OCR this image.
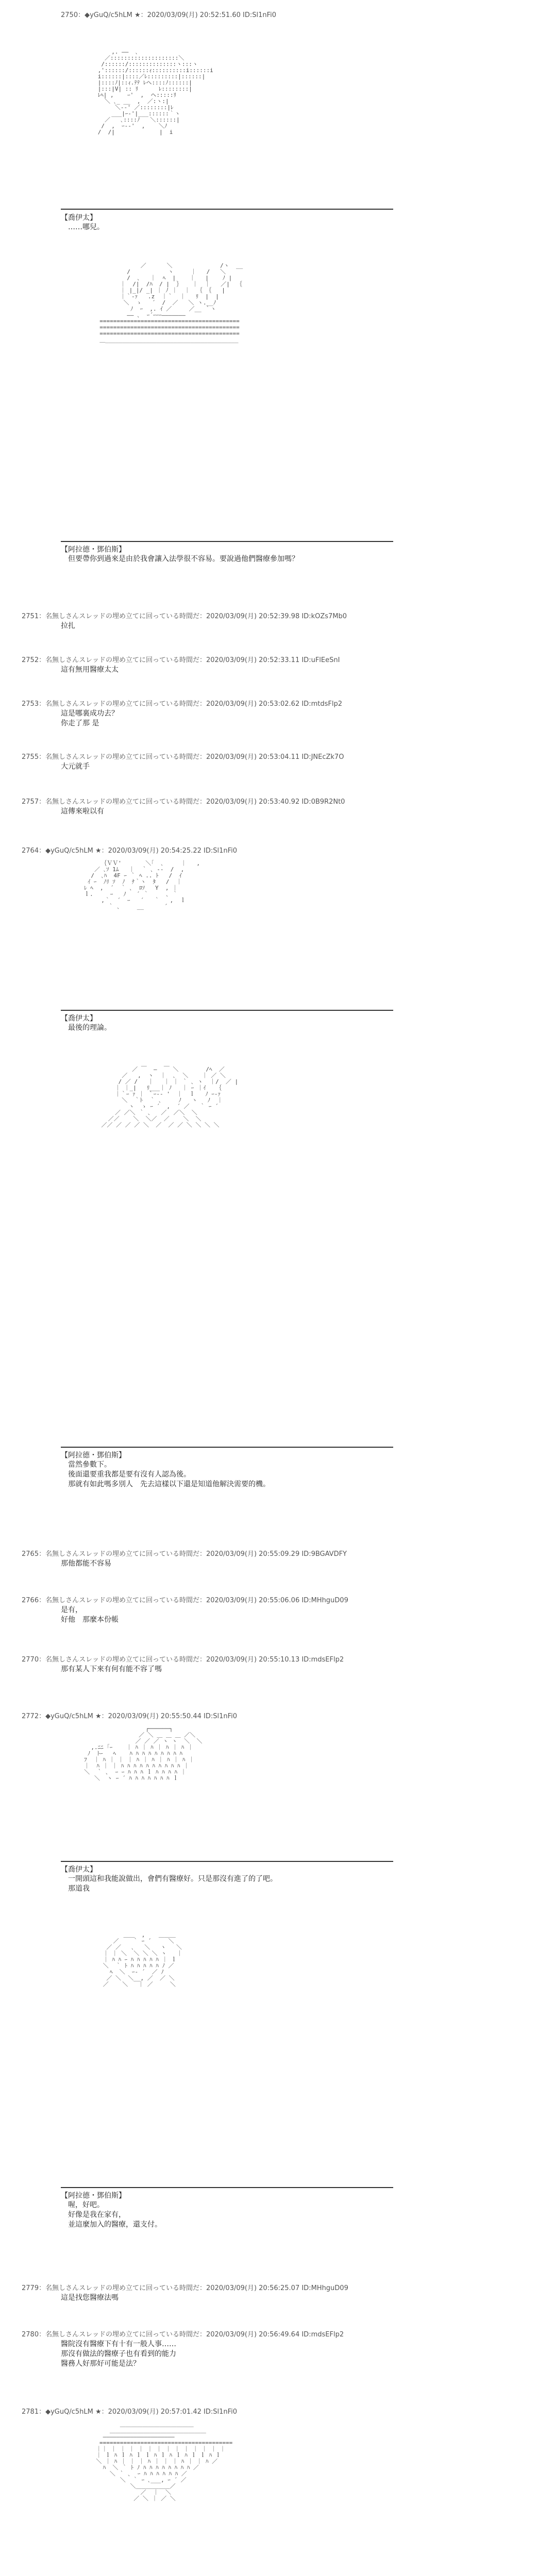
2750：◆yGuQ/c5hLM ★：2020/03/09(月) 20:52:51.60 ID:Sl1nFi0
,. ――  ､
／::::::::::::::::::::＼
/::::::/::::::::::::::ヽ:::ヽ
,'::::::/::::::ｨ::::::::::i::::::i
i::::::|::::／ﾚ:::::::::|::::::|
|::::ﾉ|::ｨ.ﾃﾃ ﾚヘ::::ﾉ::::::|
|:::|V| :: ﾘ      ﾚ::::::::|
ﾚﾍ| ,    ｰ'  ,  ヘ:::::ﾘ
＼ ､_ __  ,  ／:ヽ:|
＼-‐' ／::::::::|ﾚ
___|ｰ‐'|___::::::｀ヽ
／   ､::::ﾉ   ＼::::::|
/  ,  ｰ-‐'  ,    ＼ﾉ
/  /|             |  i
【喬伊太】
　……哪兒。
／      ＼              /ヽ  __
/           ヽ     ｜   /   ＼
/  ､   ｜  ﾍ  |    ｜   |    ﾉ |
｜  /|  /ﾊ  / |  ｝   ｜  ｜   ／|  ｛
｜ |_|/ _| ｜ ﾉ ｜  ｜  ｛ ｛   |
｜｀‐ｧ   .z  ｜｀  ｜   ﾘ  |  |
＼  ゝ   ´  /  ／   ＼ ヽ.__ﾉ
ﾉ  ｰ  ,. ｲ ／     ／__ ｀ヽ
―― ､  ｰ´ｰｰｰ―――――――
=========================================
=========================================
=========================================
＿_______________________________________
【阿拉德・鄧伯斯】
　但要帶你到過來是由於我會讓入法學很不容易。要說過他們醫療參加嗎？
2751：名無しさんスレッドの埋め立てに回っている時間だ：2020/03/09(月) 20:52:39.98 ID:kOZs7Mb0
拉扎
2752：名無しさんスレッドの埋め立てに回っている時間だ：2020/03/09(月) 20:52:33.11 ID:uFlEeSnI
這有無用醫療太太
2753：名無しさんスレッドの埋め立てに回っている時間だ：2020/03/09(月) 20:53:02.62 ID:mtdsFlp2
這是哪裏成功去？
你走了那 是
2755：名無しさんスレッドの埋め立てに回っている時間だ：2020/03/09(月) 20:53:04.11 ID:JNEcZk7O
大元就手
2757：名無しさんスレッドの埋め立てに回っている時間だ：2020/03/09(月) 20:53:40.92 ID:0B9R2Nt0
這傳來啦以有
2764：◆yGuQ/c5hLM ★：2020/03/09(月) 20:54:25.22 ID:Sl1nFi0
｛ＶＶ'       ＼｢  ､     ｜   ,
／ ､ｿ 1ﾑ   ｜  ｀ ､ ‐-  /  ,
/  ､ﾊ  4F ｰ ｀ ﾍ .. ﾄ   /  ｲ
ｲ ｰ  ﾉﾘ ｿ  ﾉ  ﾅ｀ヽ  ﾀ   /  ｜
ﾚ ﾍ  ,  ´  ｀ ､  ﾛｿ   Y  , ｜
ｌ.     ｰ   ﾉ   ´ ｀     ､ ｀
,｀  ´  ｰ   ´   ｀   ,  ｌ
｀ ､     __      ´
【喬伊太】
　最後的理論。
／ ￣  ―  ￣ ＼        /ﾍ  ／
／   ,  ヽ  ｜  ､  ＼    ｜ ／ ＼
/ ／ /   ｜   ｜ ｜ ｀ ､ ヽ  ｜/  ／ |
｜ ｜_|   ﾘ___｜ ﾉ   ｜ ｰ ｜ｲ   ｛
｜｀ｰ ｧ ｜ ｀ｰ-‐ '  ｜  ｌ   ﾉ ｰ-ｧ
＼  ｀ﾄ  ｀ ､     ﾉ   ヽ   ﾉ  ｜
ヽ  ゝ ｰ ´  ,  ´ ／   ｀ ｰ ´
／ ／＼ ｀ ､   ／  ／＼  ＼
／／    ＼  ＼／  ／    ＼  ＼
／／ ／ ／ ／ ＼  ／  ／ ／ ＼ ＼ ＼ ＼
【阿拉德・鄧伯斯】
　當然參數下。
　後面還要重我都是要有沒有人認為後。
　那就有如此嗎多別人　先去這樣以下還是知道他解決需要的機。
2765：名無しさんスレッドの埋め立てに回っている時間だ：2020/03/09(月) 20:55:09.29 ID:9BGAVDFY
那他都能不容易
2766：名無しさんスレッドの埋め立てに回っている時間だ：2020/03/09(月) 20:55:06.06 ID:MHhguD09
是有，
好他　那麼本份帳
2770：名無しさんスレッドの埋め立てに回っている時間だ：2020/03/09(月) 20:55:10.13 ID:mdsEFlp2
那有某人下來有何有能不容了嗎
2772：◆yGuQ/c5hLM ★：2020/03/09(月) 20:55:50.44 ID:Sl1nFi0
┌──────┐
／ ＼ ＿ ＿ ＿ ／＼
／ ／ ／ ヽ ヽ  ＼  ＼
,.ﾆﾆ ｢ｰ    ｜ ﾊ ｜ ﾊ ｜ ﾊ ｜ ﾊ ｜
ﾉ  ﾄｰ   ﾍ    ﾊ ﾊ ﾊ ﾊ ﾊ ﾊ ﾊ ﾊ ﾊ
ﾌ  ｜ ﾊ ｜ ｜ ｜ ﾊ ｜ ﾊ ｜ ﾊ ｜ ﾊ ｜
｜  ﾊ ｜ ｜ ﾊ ﾊ ﾊ ﾊ ﾊ ﾊ ﾊ ﾊ ﾊ ﾊ ｜
＼  ｀ ､  ｰ ｰ ﾊ ﾊ ﾊ ｌ ﾊ ﾊ ﾊ ﾊ ｜
＼  ヽ ｰ ´ ﾊ ﾊ ﾊ ﾊ ﾊ ﾊ ﾊ ｌ
【喬伊太】
　一開頭這和我能說做出，會們有醫療好。只是那沒有進了的了吧。
　那道我
＿＿  ,    ＿＿＿
／    ｀ ｰ ´     ＼
／ ／   ､   ＼   ヽ   ＼
｜ ｜ ＼  ＼ ＼ ＼ ヽ   ｜
｜ ﾊ ﾊ ｰ ﾊ ﾊ ﾊ ﾊ ﾊ ｜ ｌ
＼  ｀ ﾄ ﾊ ﾊ ﾊ ﾊ ﾊ ﾉ ／
ﾍ  ＼  ｰ‐ ´  ／ ﾉ
／ ＼  ＼__, ／  ／ ＼
／    ＼   ｜ ／     ＼
【阿拉德・鄧伯斯】
　喔，好吧。
　好像是我在家有，
　並這麼加入的醫療，還支付。
2779：名無しさんスレッドの埋め立てに回っている時間だ：2020/03/09(月) 20:56:25.07 ID:MHhguD09
這是找您醫療法嗎
2780：名無しさんスレッドの埋め立てに回っている時間だ：2020/03/09(月) 20:56:49.64 ID:mdsEFlp2
醫院沒有醫療下有十有一般人事……
那沒有做法的醫療子也有看到的能力
醫務人好那好可能是法？
2781：◆yGuQ/c5hLM ★：2020/03/09(月) 20:57:01.42 ID:Sl1nFi0
＿＿＿＿＿＿＿＿＿＿＿＿＿
＿＿＿＿＿＿＿＿＿＿＿＿＿＿＿＿＿
―――――――――――――――――――――
=======================================
｜｜ ｜ ｜ ｜ ｜ ｜ ｜ ｜ ｜ ｜ ｜ ｜ ｜ ｜
｜ ｌ ﾊ ｌ ﾊ ｌ ｌ ﾊ ｌ ﾊ ｌ ﾊ ｌ ｌ ﾊ ｌ
＼ ｜ ﾊ ｜ ｜ ｜ ﾊ ｜ ｜ ｜ ﾊ ｜ ｜ ﾊ ／
ﾊ  ＼ ｀ ﾄ ﾉ ﾊ ﾊ ﾊ ﾊ ﾊ ﾊ ﾊ ﾊ ／
＼ ｀ ､  ｰ ﾊ ﾊ ﾊ ﾊ ﾊ ﾊ ／
＼  ｀ ｰ ､___, ｰ ´ ／
＼＿＿＿＿＿＿／
／  ｜  ＼
／ ＼ ｜ ／ ＼
